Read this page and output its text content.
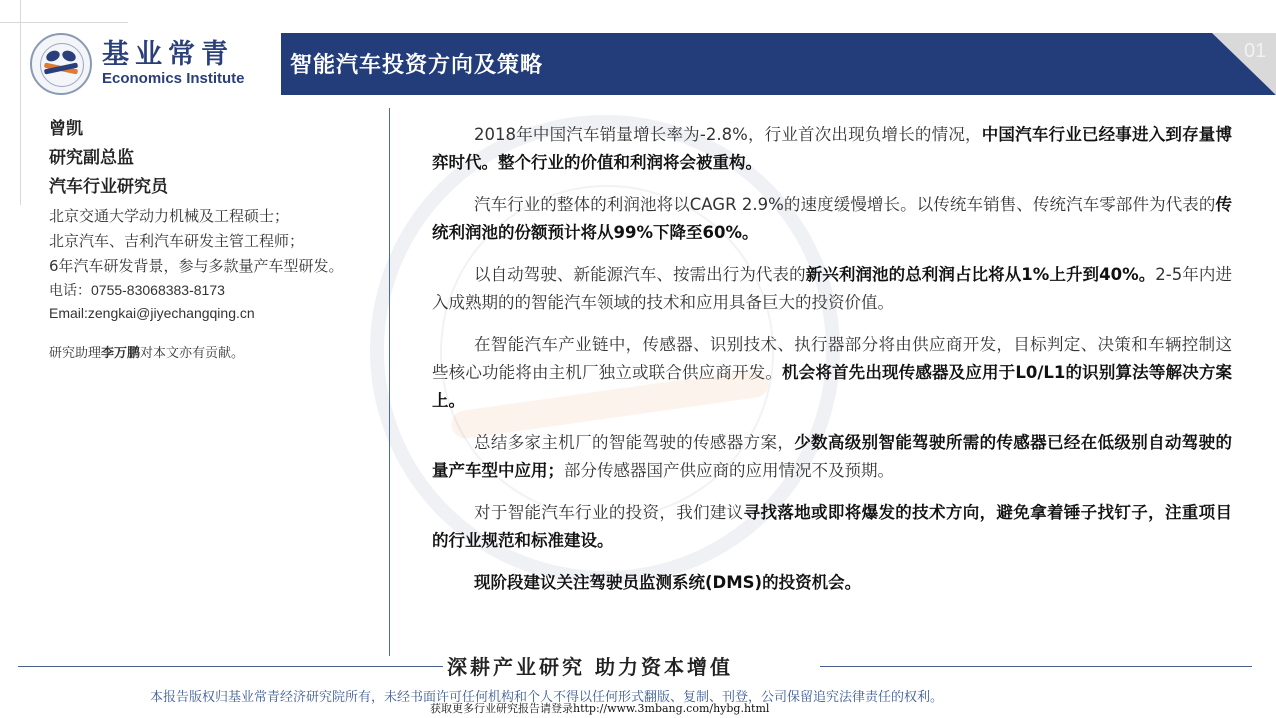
基业常青
Economics Institute
智能汽车投资方向及策略
01
曾凯
研究副总监
汽车行业研究员
北京交通大学动力机械及工程硕士；
北京汽车、吉利汽车研发主管工程师；
6年汽车研发背景，参与多款量产车型研发。
电话：0755-83068383-8173
Email:zengkai@jiyechangqing.cn
研究助理李万鹏对本文亦有贡献。

2018年中国汽车销量增长率为-2.8%，行业首次出现负增长的情况，中国汽车行业已经事进入到存量博弈时代。整个行业的价值和利润将会被重构。

汽车行业的整体的利润池将以CAGR 2.9%的速度缓慢增长。以传统车销售、传统汽车零部件为代表的传统利润池的份额预计将从99%下降至60%。

以自动驾驶、新能源汽车、按需出行为代表的新兴利润池的总利润占比将从1%上升到40%。2-5年内进入成熟期的的智能汽车领域的技术和应用具备巨大的投资价值。

在智能汽车产业链中，传感器、识别技术、执行器部分将由供应商开发，目标判定、决策和车辆控制这些核心功能将由主机厂独立或联合供应商开发。机会将首先出现传感器及应用于L0/L1的识别算法等解决方案上。

总结多家主机厂的智能驾驶的传感器方案，少数高级别智能驾驶所需的传感器已经在低级别自动驾驶的量产车型中应用；部分传感器国产供应商的应用情况不及预期。

对于智能汽车行业的投资，我们建议寻找落地或即将爆发的技术方向，避免拿着锤子找钉子，注重项目的行业规范和标准建设。

现阶段建议关注驾驶员监测系统(DMS)的投资机会。

深耕产业研究 助力资本增值
本报告版权归基业常青经济研究院所有，未经书面许可任何机构和个人不得以任何形式翻版、复制、刊登，公司保留追究法律责任的权利。
获取更多行业研究报告请登录http://www.3mbang.com/hybg.html
